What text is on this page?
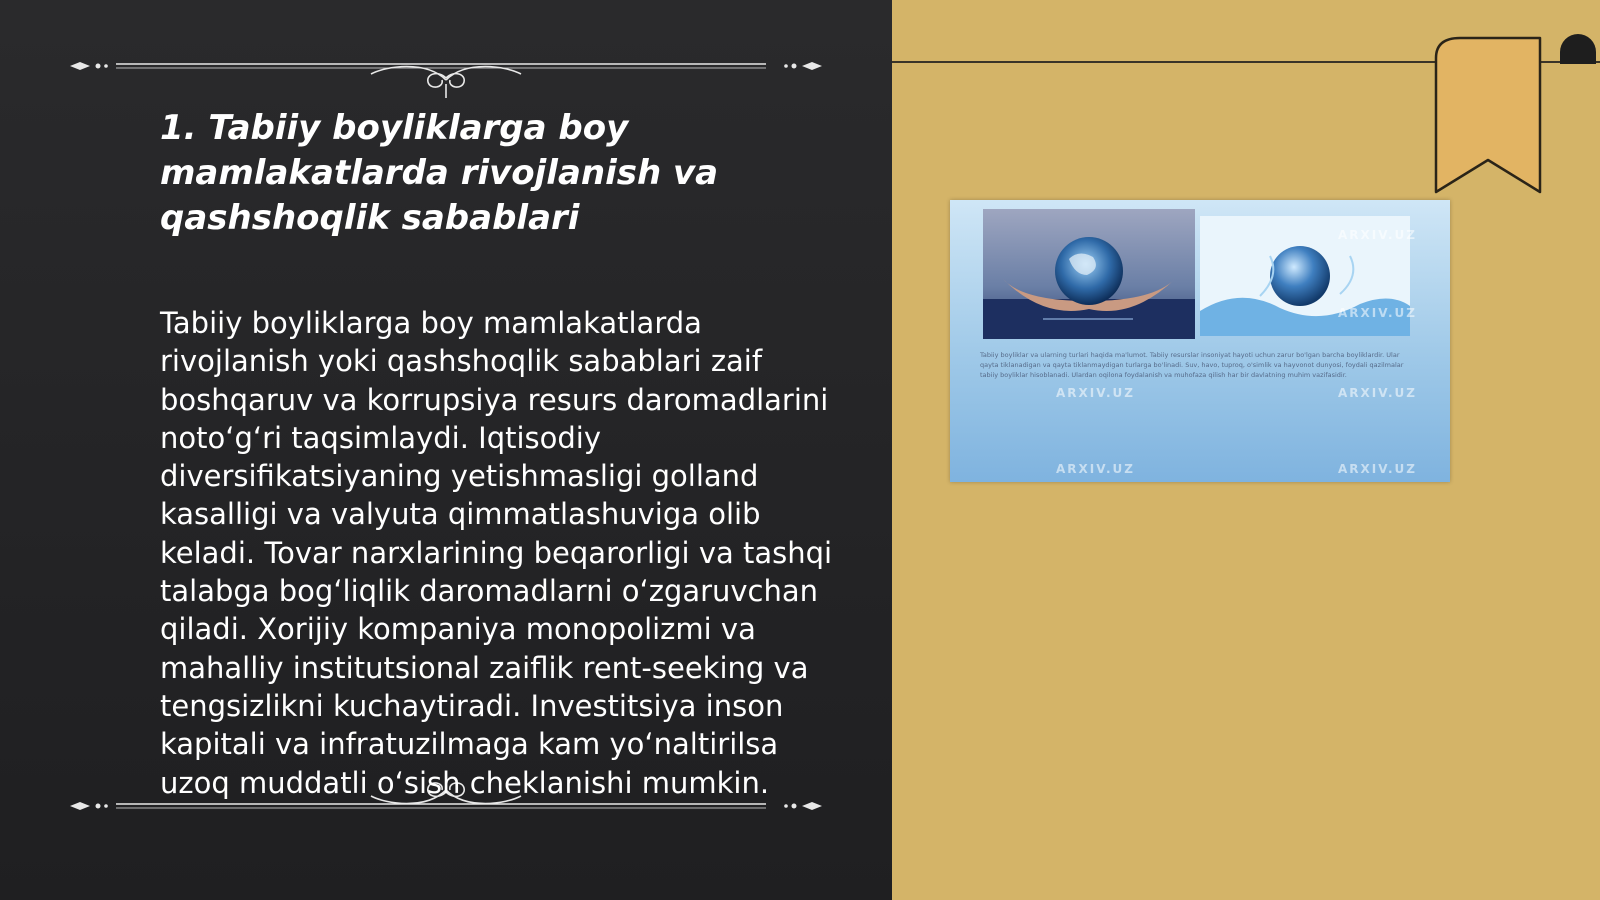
1. Tabiiy boyliklarga boy mamlakatlarda rivojlanish va qashshoqlik sabablari

Tabiiy boyliklarga boy mamlakatlarda rivojlanish yoki qashshoqlik sabablari zaif boshqaruv va korrupsiya resurs daromadlarini noto‘g‘ri taqsimlaydi. Iqtisodiy diversifikatsiyaning yetishmasligi golland kasalligi va valyuta qimmatlashuviga olib keladi. Tovar narxlarining beqarorligi va tashqi talabga bog‘liqlik daromadlarni o‘zgaruvchan qiladi. Xorijiy kompaniya monopolizmi va mahalliy institutsional zaiflik rent-seeking va tengsizlikni kuchaytiradi. Investitsiya inson kapitali va infratuzilmaga kam yo‘naltirilsa uzoq muddatli o‘sish cheklanishi mumkin.

ARXIV.UZ
ARXIV.UZ
ARXIV.UZ	ARXIV.UZ
ARXIV.UZ	ARXIV.UZ
Tabiiy boyliklar va ularning turlari haqida ma'lumot. Tabiiy resurslar insoniyat hayoti uchun zarur bo'lgan barcha boyliklardir. Ular qayta tiklanadigan va qayta tiklanmaydigan turlarga bo'linadi. Suv, havo, tuproq, o'simlik va hayvonot dunyosi, foydali qazilmalar tabiiy boyliklar hisoblanadi. Ulardan oqilona foydalanish va muhofaza qilish har bir davlatning muhim vazifasidir.
